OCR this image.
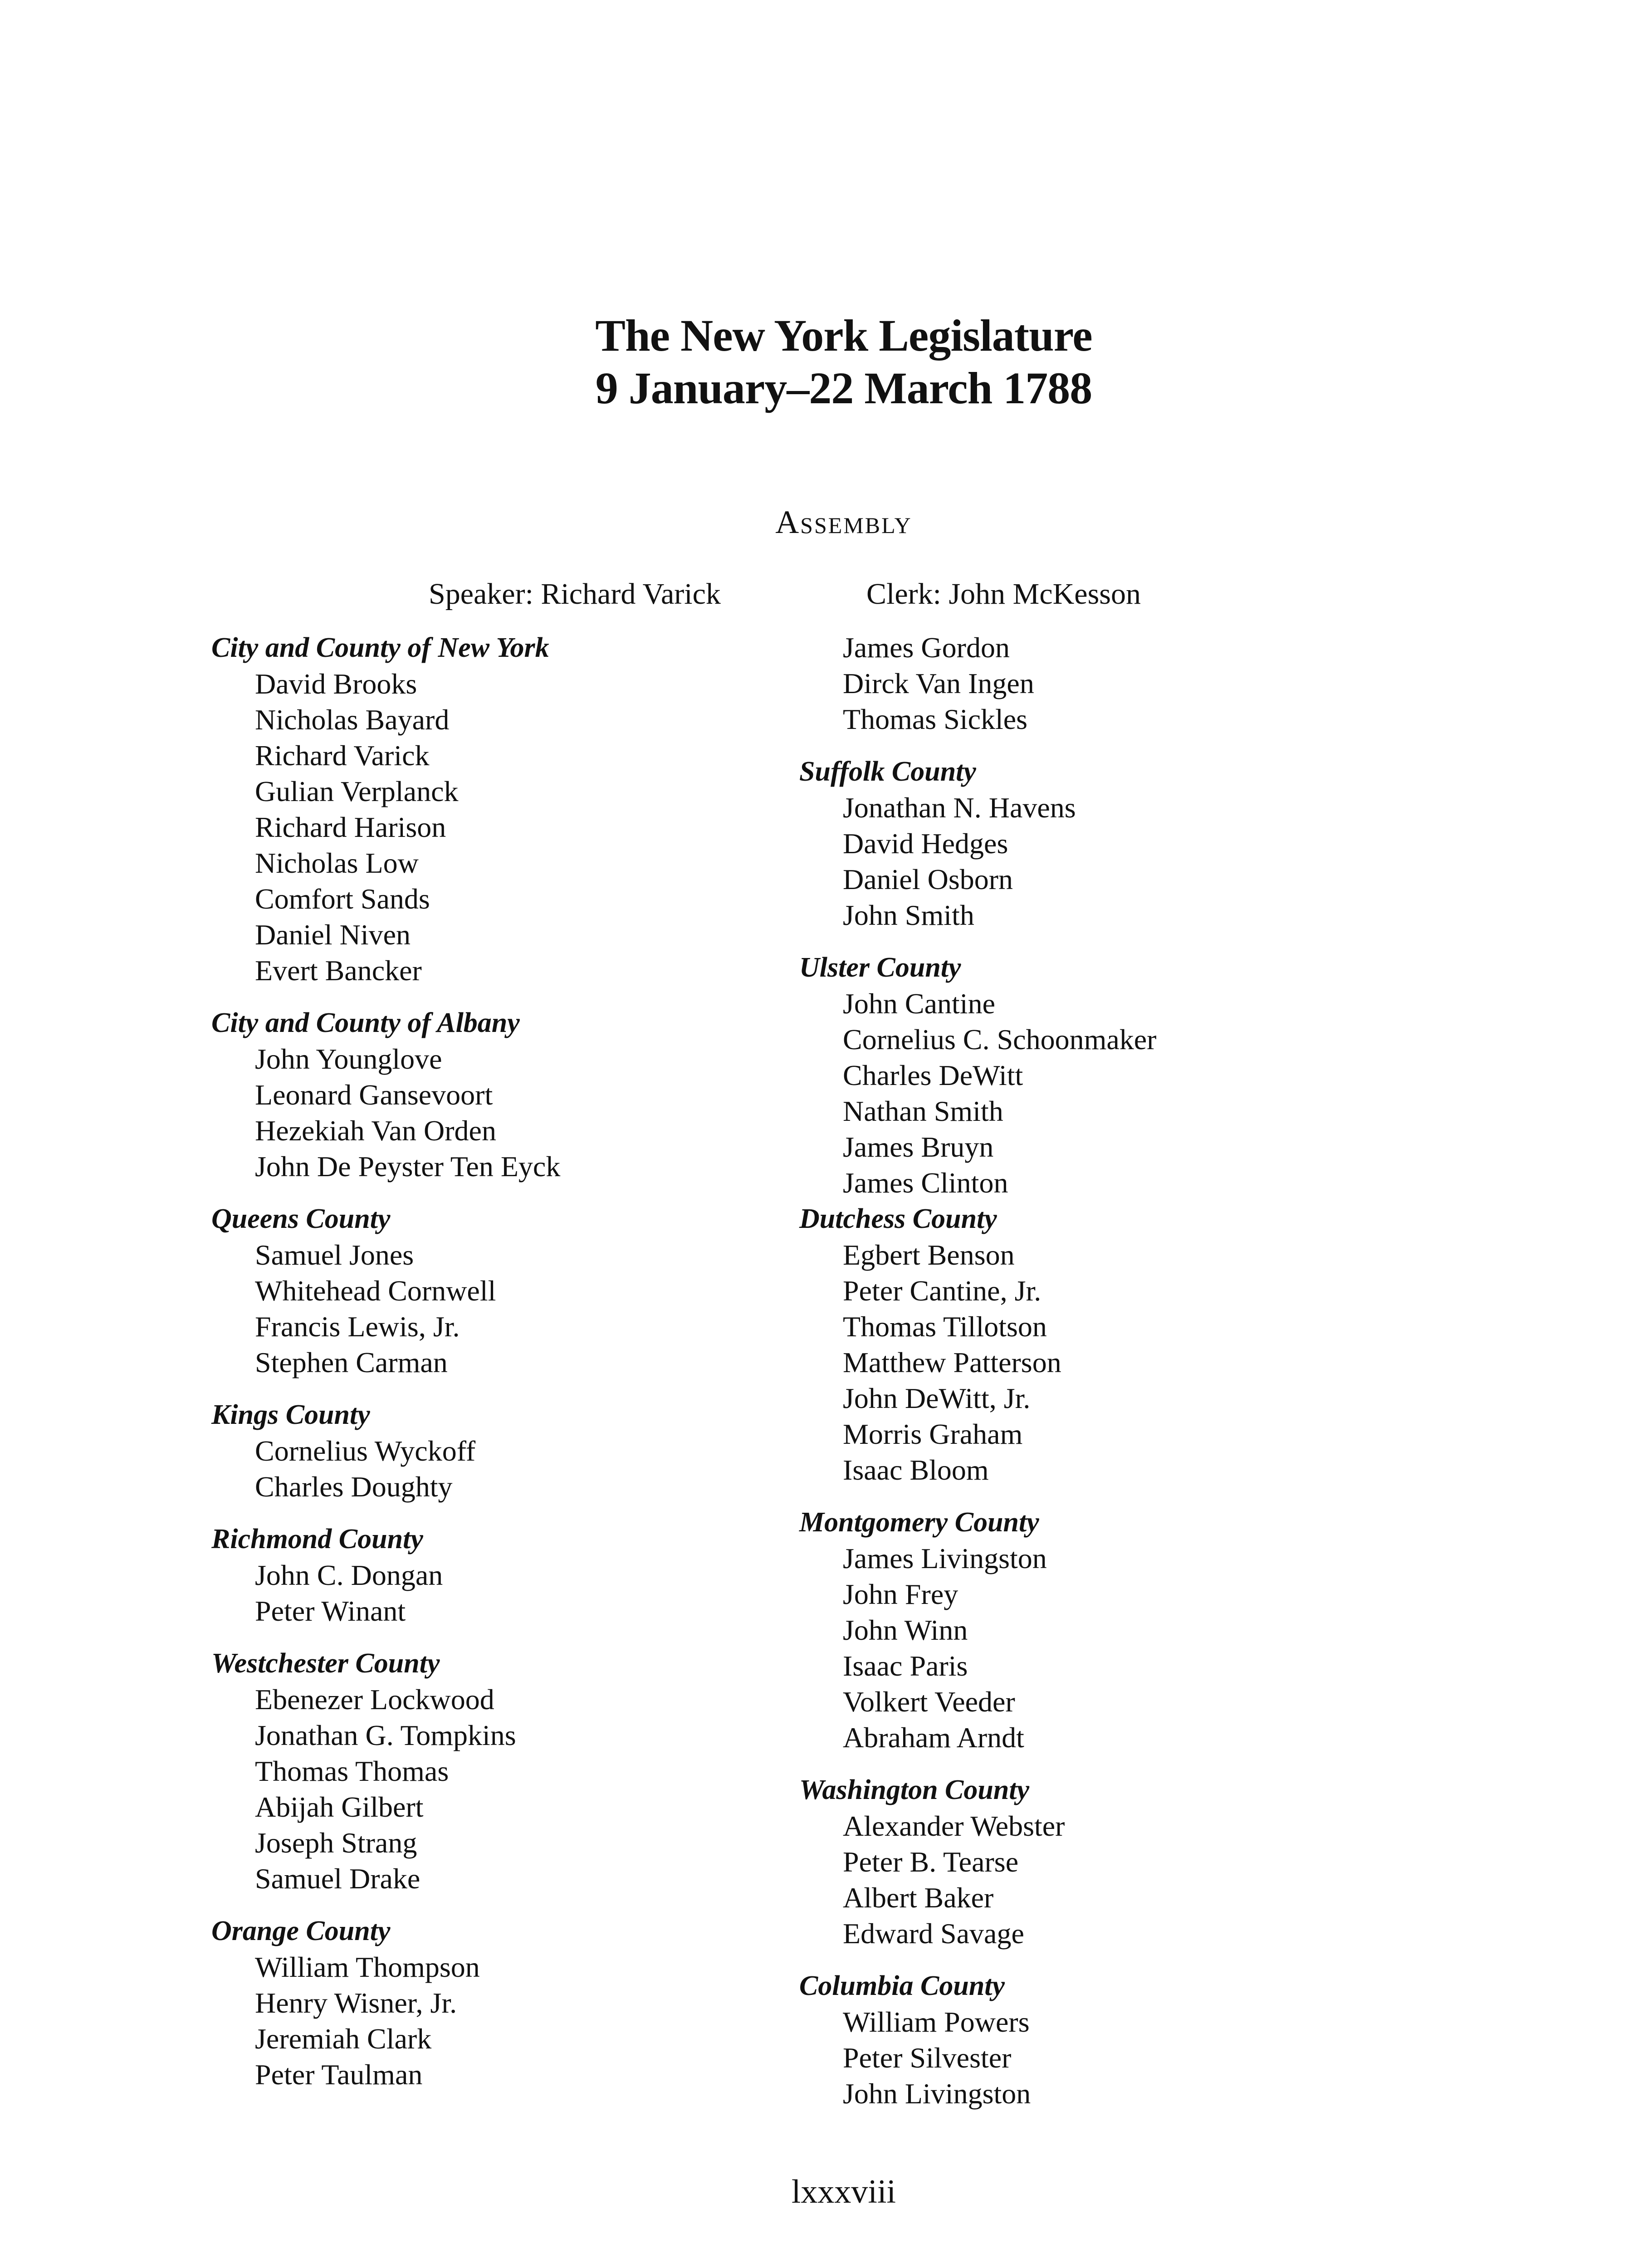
The New York Legislature
9 January–22 March 1788
Assembly
Speaker: Richard Varick	Clerk: John McKesson
City and County of New York
David Brooks
Nicholas Bayard
Richard Varick
Gulian Verplanck
Richard Harison
Nicholas Low
Comfort Sands
Daniel Niven
Evert Bancker
City and County of Albany
John Younglove
Leonard Gansevoort
Hezekiah Van Orden
John De Peyster Ten Eyck
Queens County
Samuel Jones
Whitehead Cornwell
Francis Lewis, Jr.
Stephen Carman
Kings County
Cornelius Wyckoff
Charles Doughty
Richmond County
John C. Dongan
Peter Winant
Westchester County
Ebenezer Lockwood
Jonathan G. Tompkins
Thomas Thomas
Abijah Gilbert
Joseph Strang
Samuel Drake
Orange County
William Thompson
Henry Wisner, Jr.
Jeremiah Clark
Peter Taulman
James Gordon
Dirck Van Ingen
Thomas Sickles
Suffolk County
Jonathan N. Havens
David Hedges
Daniel Osborn
John Smith
Ulster County
John Cantine
Cornelius C. Schoonmaker
Charles DeWitt
Nathan Smith
James Bruyn
James Clinton
Dutchess County
Egbert Benson
Peter Cantine, Jr.
Thomas Tillotson
Matthew Patterson
John DeWitt, Jr.
Morris Graham
Isaac Bloom
Montgomery County
James Livingston
John Frey
John Winn
Isaac Paris
Volkert Veeder
Abraham Arndt
Washington County
Alexander Webster
Peter B. Tearse
Albert Baker
Edward Savage
Columbia County
William Powers
Peter Silvester
John Livingston
lxxxviii
